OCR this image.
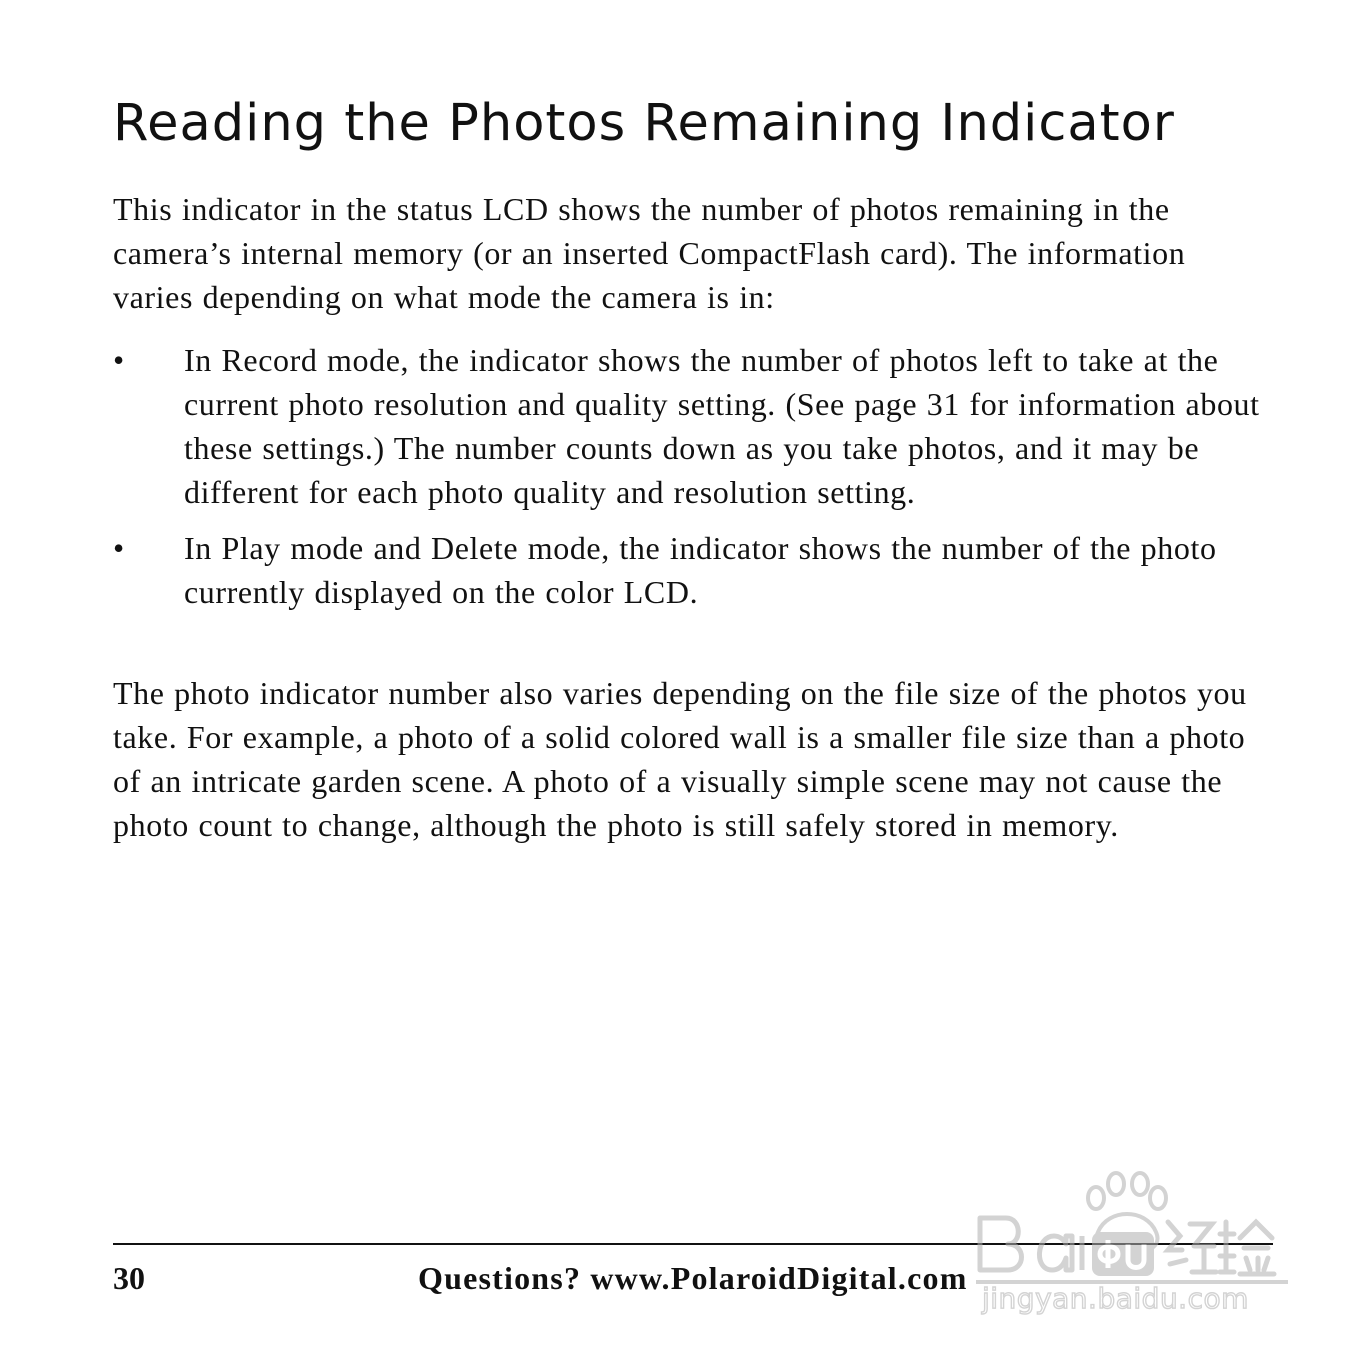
Reading the Photos Remaining Indicator

This indicator in the status LCD shows the number of photos remaining in the camera’s internal memory (or an inserted CompactFlash card). The information varies depending on what mode the camera is in:

• In Record mode, the indicator shows the number of photos left to take at the current photo resolution and quality setting. (See page 31 for information about these settings.) The number counts down as you take photos, and it may be different for each photo quality and resolution setting.
• In Play mode and Delete mode, the indicator shows the number of the photo currently displayed on the color LCD.

The photo indicator number also varies depending on the file size of the photos you take. For example, a photo of a solid colored wall is a smaller file size than a photo of an intricate garden scene. A photo of a visually simple scene may not cause the photo count to change, although the photo is still safely stored in memory.

30	Questions? www.PolaroidDigital.com
jingyan.baidu.com
